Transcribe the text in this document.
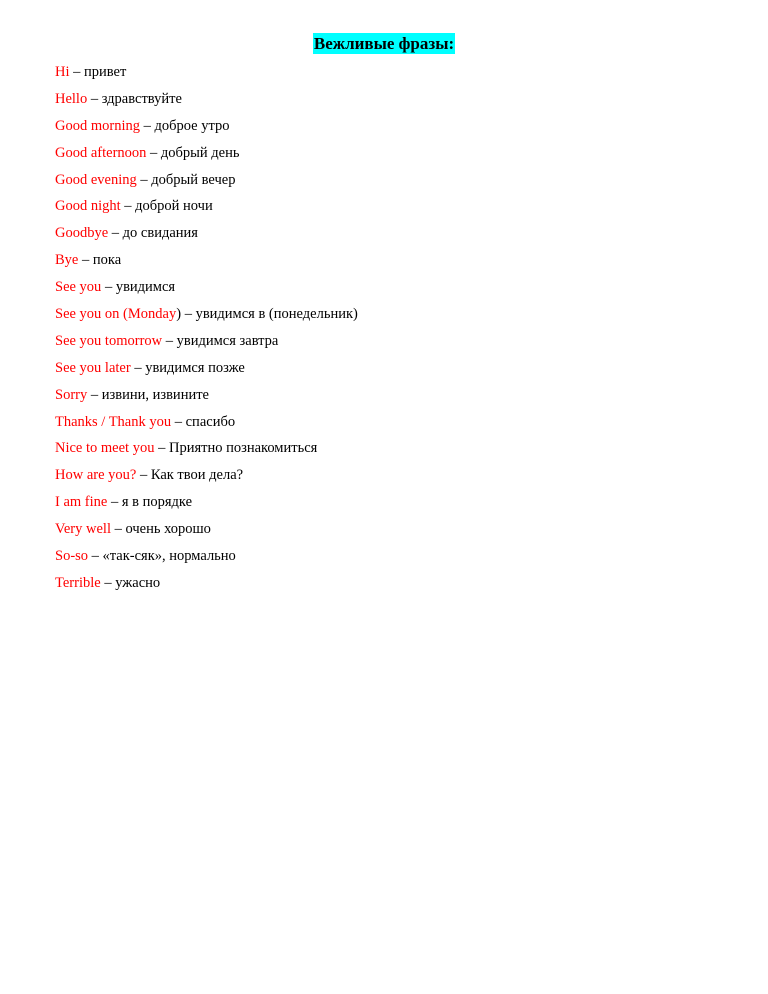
Вежливые фразы:
Hi – привет
Hello – здравствуйте
Good morning – доброе утро
Good afternoon – добрый день
Good evening – добрый вечер
Good night – доброй ночи
Goodbye – до свидания
Bye – пока
See you – увидимся
See you on (Monday) – увидимся в (понедельник)
See you tomorrow – увидимся завтра
See you later – увидимся позже
Sorry – извини, извините
Thanks / Thank you – спасибо
Nice to meet you – Приятно познакомиться
How are you? – Как твои дела?
I am fine – я в порядке
Very well – очень хорошо
So-so – «так-сяк», нормально
Terrible – ужасно
